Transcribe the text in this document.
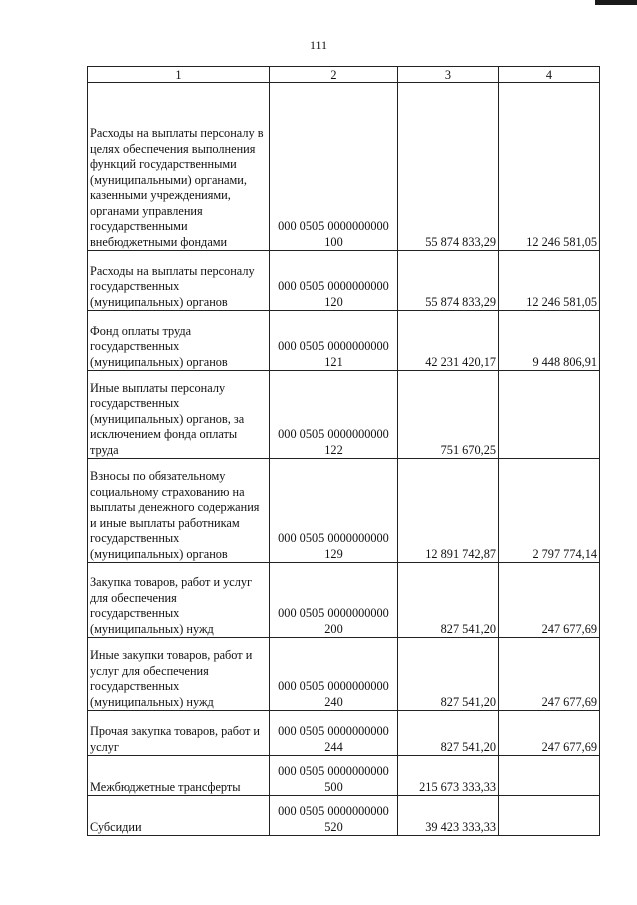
111
1	2	3	4
Расходы на выплаты персоналу в целях обеспечения выполнения функций государственными (муниципальными) органами, казенными учреждениями, органами управления государственными внебюджетными фондами	000 0505 0000000000
100	55 874 833,29	12 246 581,05
Расходы на выплаты персоналу государственных (муниципальных) органов	000 0505 0000000000
120	55 874 833,29	12 246 581,05
Фонд оплаты труда государственных (муниципальных) органов	000 0505 0000000000
121	42 231 420,17	9 448 806,91
Иные выплаты персоналу государственных (муниципальных) органов, за исключением фонда оплаты труда	000 0505 0000000000
122	751 670,25	
Взносы по обязательному социальному страхованию на выплаты денежного содержания и иные выплаты работникам государственных (муниципальных) органов	000 0505 0000000000
129	12 891 742,87	2 797 774,14
Закупка товаров, работ и услуг для обеспечения государственных (муниципальных) нужд	000 0505 0000000000
200	827 541,20	247 677,69
Иные закупки товаров, работ и услуг для обеспечения государственных (муниципальных) нужд	000 0505 0000000000
240	827 541,20	247 677,69
Прочая закупка товаров, работ и услуг	000 0505 0000000000
244	827 541,20	247 677,69
Межбюджетные трансферты	000 0505 0000000000
500	215 673 333,33	
Субсидии	000 0505 0000000000
520	39 423 333,33	
